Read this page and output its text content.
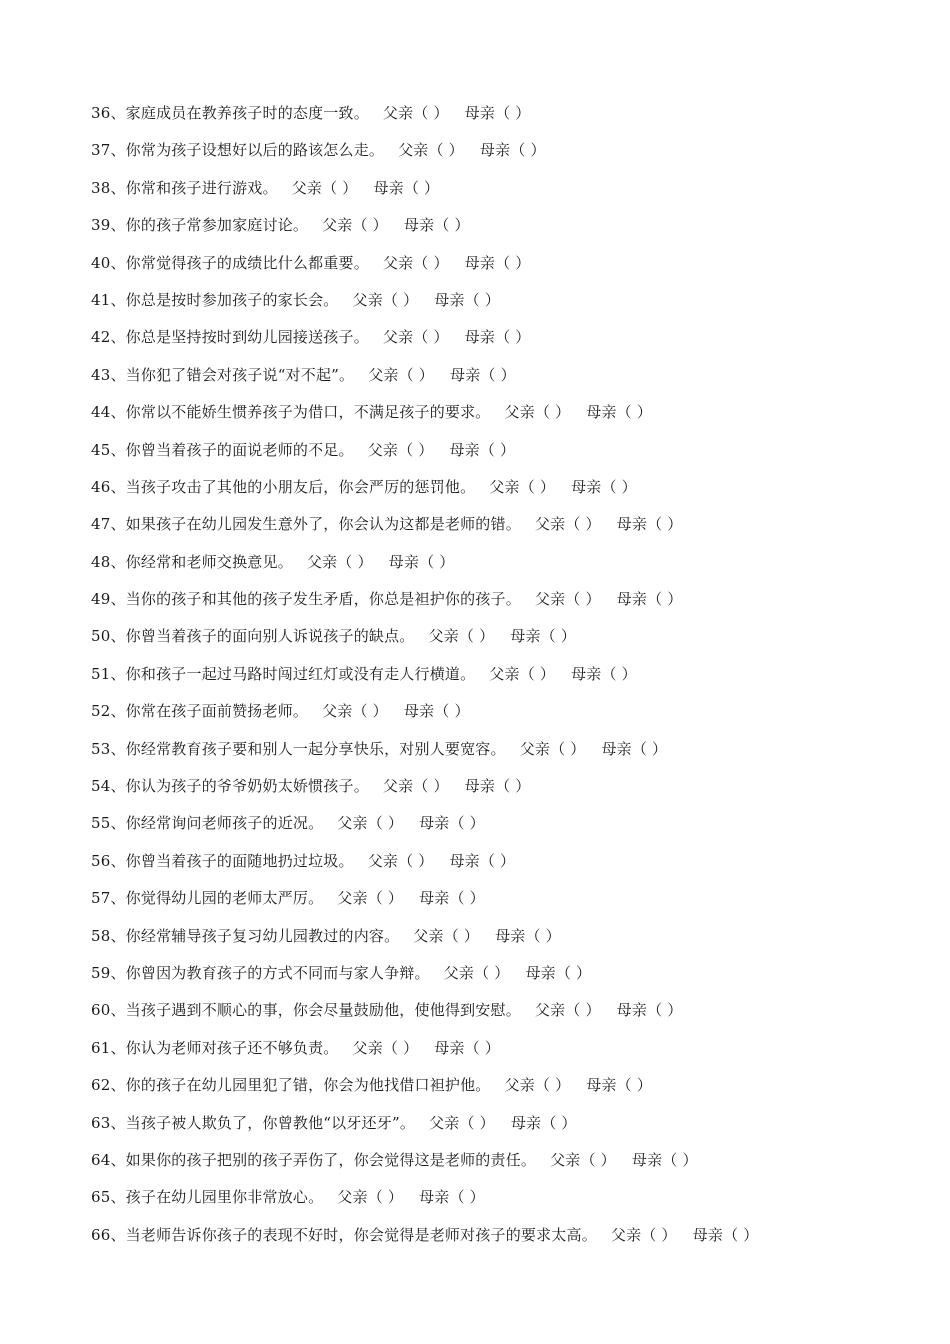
36、家庭成员在教养孩子时的态度一致。 父亲（ ） 母亲（ ）
37、你常为孩子设想好以后的路该怎么走。 父亲（ ） 母亲（ ）
38、你常和孩子进行游戏。 父亲（ ） 母亲（ ）
39、你的孩子常参加家庭讨论。 父亲（ ） 母亲（ ）
40、你常觉得孩子的成绩比什么都重要。 父亲（ ） 母亲（ ）
41、你总是按时参加孩子的家长会。 父亲（ ） 母亲（ ）
42、你总是坚持按时到幼儿园接送孩子。 父亲（ ） 母亲（ ）
43、当你犯了错会对孩子说“对不起”。 父亲（ ） 母亲（ ）
44、你常以不能娇生惯养孩子为借口，不满足孩子的要求。 父亲（ ） 母亲（ ）
45、你曾当着孩子的面说老师的不足。 父亲（ ） 母亲（ ）
46、当孩子攻击了其他的小朋友后，你会严厉的惩罚他。 父亲（ ） 母亲（ ）
47、如果孩子在幼儿园发生意外了，你会认为这都是老师的错。 父亲（ ） 母亲（ ）
48、你经常和老师交换意见。 父亲（ ） 母亲（ ）
49、当你的孩子和其他的孩子发生矛盾，你总是袒护你的孩子。 父亲（ ） 母亲（ ）
50、你曾当着孩子的面向别人诉说孩子的缺点。 父亲（ ） 母亲（ ）
51、你和孩子一起过马路时闯过红灯或没有走人行横道。 父亲（ ） 母亲（ ）
52、你常在孩子面前赞扬老师。 父亲（ ） 母亲（ ）
53、你经常教育孩子要和别人一起分享快乐，对别人要宽容。 父亲（ ） 母亲（ ）
54、你认为孩子的爷爷奶奶太娇惯孩子。 父亲（ ） 母亲（ ）
55、你经常询问老师孩子的近况。 父亲（ ） 母亲（ ）
56、你曾当着孩子的面随地扔过垃圾。 父亲（ ） 母亲（ ）
57、你觉得幼儿园的老师太严厉。 父亲（ ） 母亲（ ）
58、你经常辅导孩子复习幼儿园教过的内容。 父亲（ ） 母亲（ ）
59、你曾因为教育孩子的方式不同而与家人争辩。 父亲（ ） 母亲（ ）
60、当孩子遇到不顺心的事，你会尽量鼓励他，使他得到安慰。 父亲（ ） 母亲（ ）
61、你认为老师对孩子还不够负责。 父亲（ ） 母亲（ ）
62、你的孩子在幼儿园里犯了错，你会为他找借口袒护他。 父亲（ ） 母亲（ ）
63、当孩子被人欺负了，你曾教他“以牙还牙”。 父亲（ ） 母亲（ ）
64、如果你的孩子把别的孩子弄伤了，你会觉得这是老师的责任。 父亲（ ） 母亲（ ）
65、孩子在幼儿园里你非常放心。 父亲（ ） 母亲（ ）
66、当老师告诉你孩子的表现不好时，你会觉得是老师对孩子的要求太高。 父亲（ ） 母亲（ ）
